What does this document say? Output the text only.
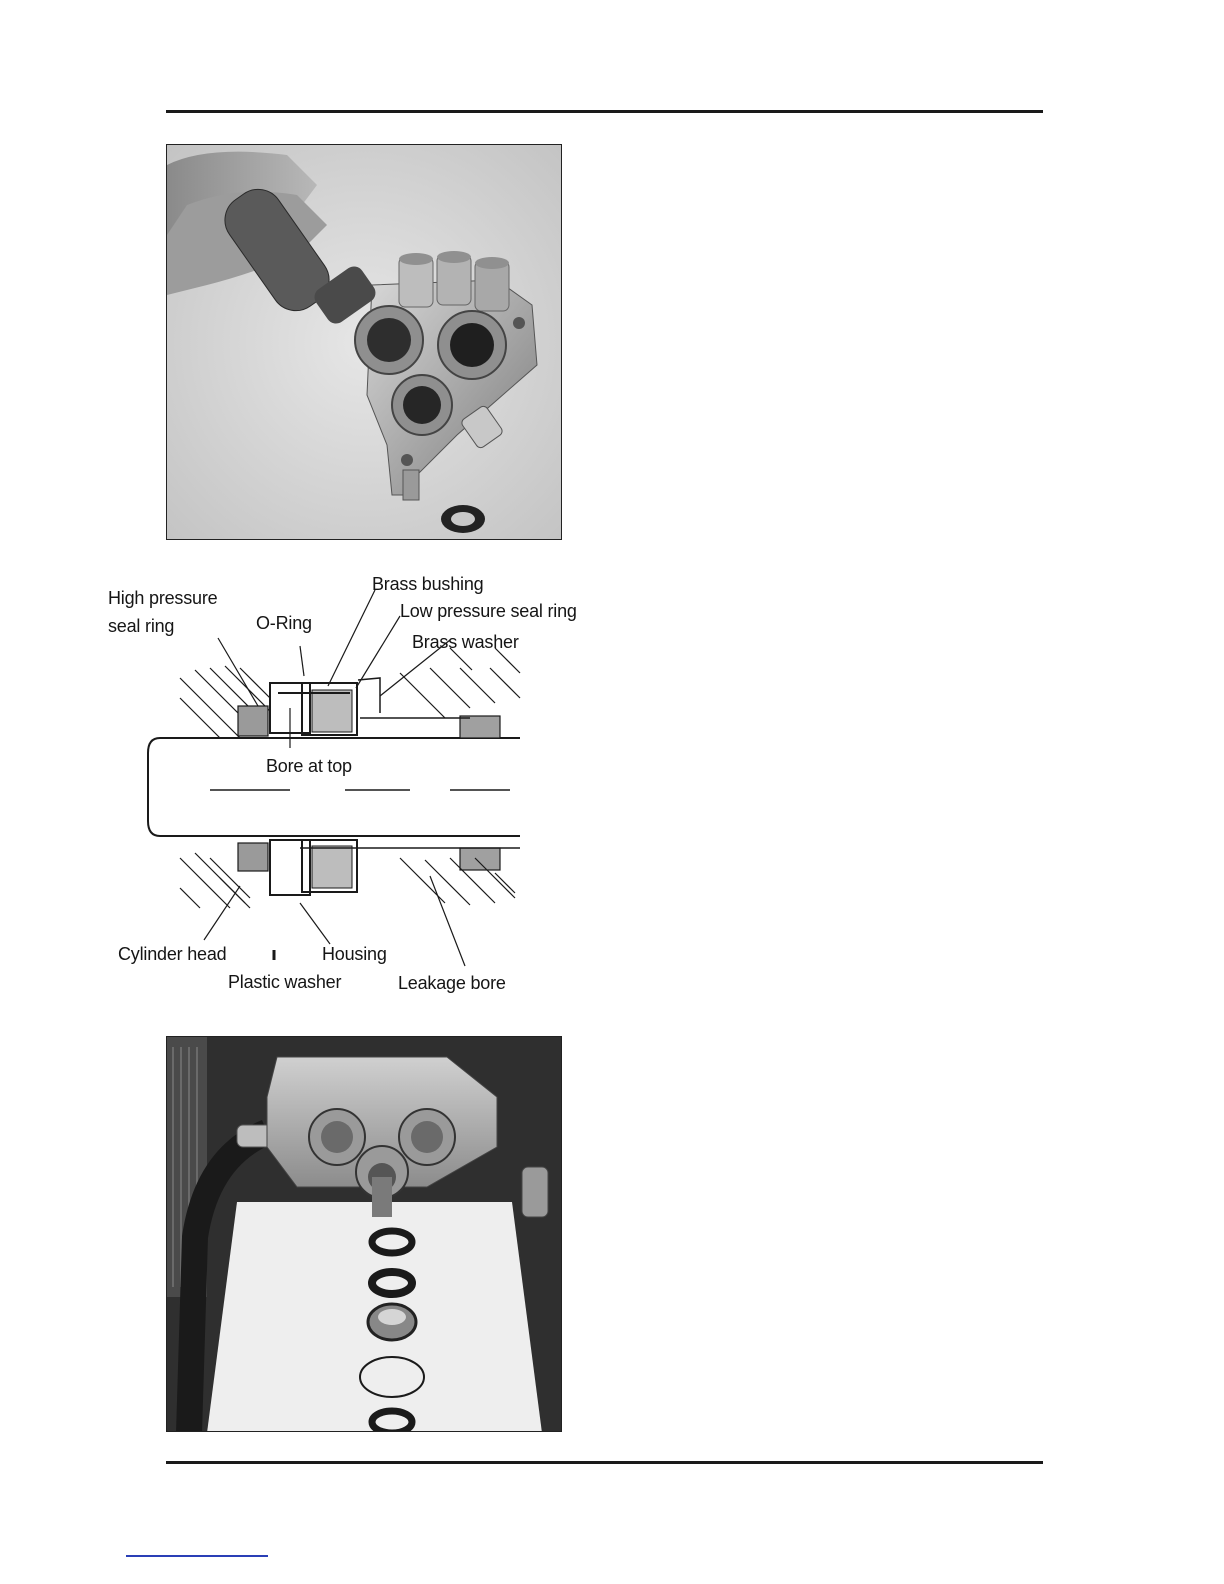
High pressure
seal ring	O-Ring
Brass bushing
Low pressure seal ring
Brass washer
Bore at top
Cylinder head	Housing
Plastic washer	Leakage bore
